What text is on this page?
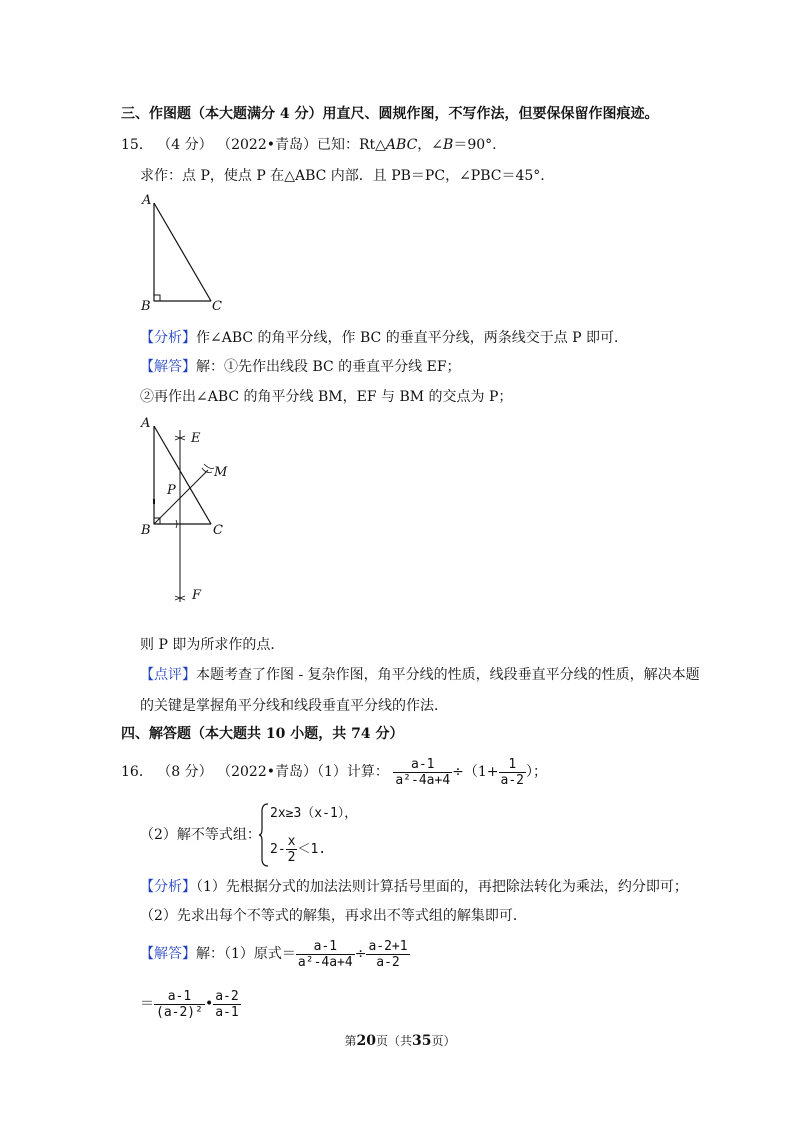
三、作图题（本大题满分 4 分）用直尺、圆规作图，不写作法，但要保保留作图痕迹。
15． （4 分） （2022•青岛）已知：Rt△ABC，∠B＝90°.
求作：点 P，使点 P 在△ABC 内部．且 PB＝PC，∠PBC＝45°.
A
B	C
【分析】作∠ABC 的角平分线，作 BC 的垂直平分线，两条线交于点 P 即可．
【解答】解：①先作出线段 BC 的垂直平分线 EF；
②再作出∠ABC 的角平分线 BM，EF 与 BM 的交点为 P；
A
B	C
E
F
M
P
则 P 即为所求作的点．
【点评】本题考查了作图 - 复杂作图，角平分线的性质，线段垂直平分线的性质，解决本题
的关键是掌握角平分线和线段垂直平分线的作法．
四、解答题（本大题共 10 小题，共 74 分）
16． （8 分） （2022•青岛）（1）计算： $\frac{a-1}{\text{a²-4a+4}} \div(1+ \frac{1}{a-2}$ ）；
（2）解不等式组：
2x≥3（x-1），
$2- \frac{x}{2} <1$.
【分析】（1）先根据分式的加法法则计算括号里面的，再把除法转化为乘法，约分即可；
（2）先求出每个不等式的解集，再求出不等式组的解集即可．
【解答】解：（1）原式＝ $\frac{a-1}{\text{a²-4a+4}} \div \frac{a-2+1}{a-2}$
＝ $\frac{a-1}{\text{(a-2)²}}$ • $\frac{a-2}{a-1}$
第20页（共35页）
